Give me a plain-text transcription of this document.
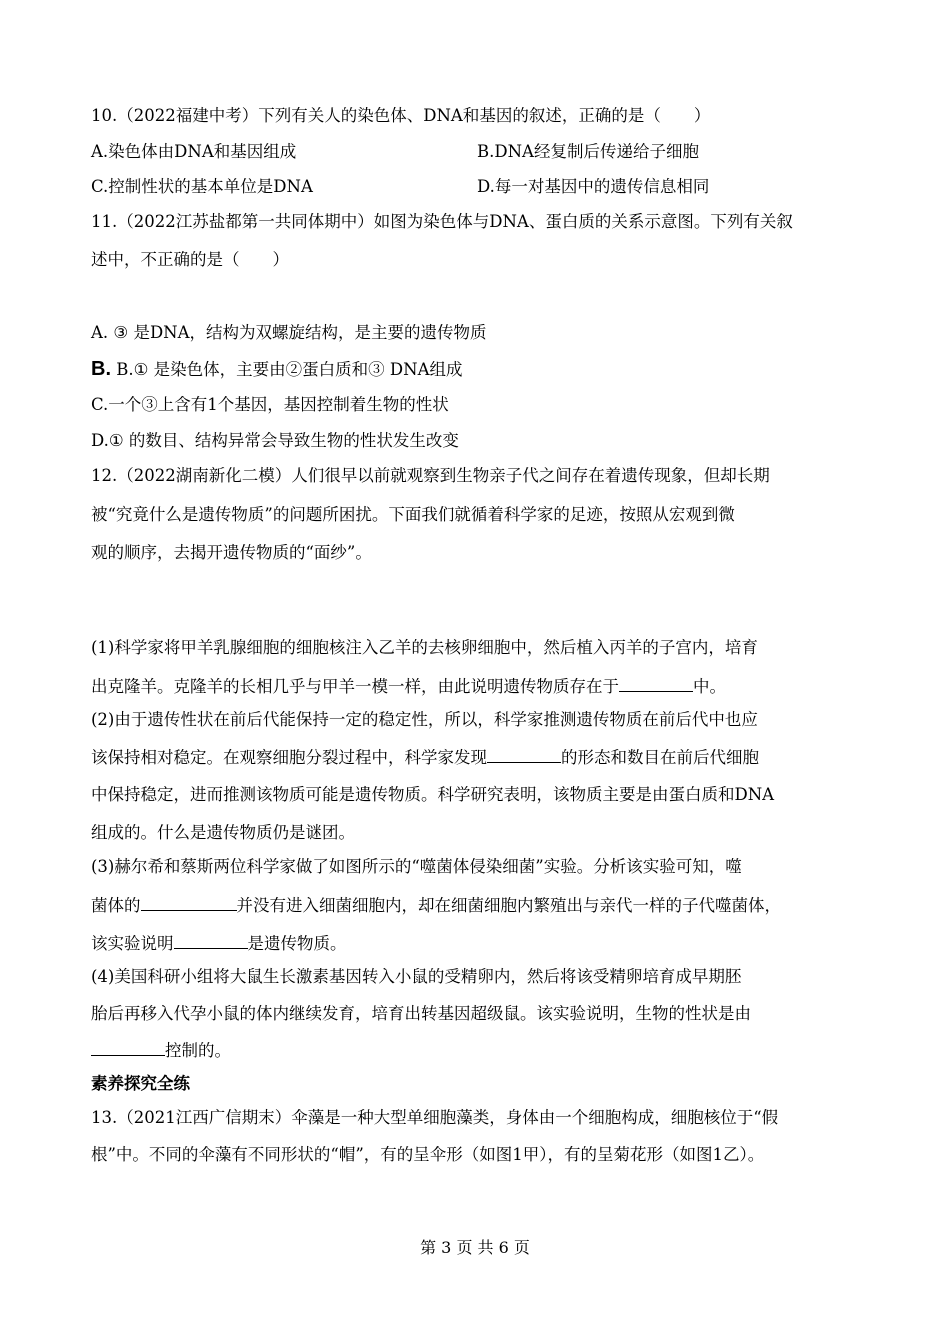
10.（2022福建中考）下列有关人的染色体、DNA和基因的叙述，正确的是（　　）
A.染色体由DNA和基因组成	B.DNA经复制后传递给子细胞
C.控制性状的基本单位是DNA	D.每一对基因中的遗传信息相同
11.（2022江苏盐都第一共同体期中）如图为染色体与DNA、蛋白质的关系示意图。下列有关叙
述中，不正确的是（　　）
A. ③ 是DNA，结构为双螺旋结构，是主要的遗传物质
B. B.① 是染色体，主要由②蛋白质和③ DNA组成
C.一个③上含有1个基因，基因控制着生物的性状
D.① 的数目、结构异常会导致生物的性状发生改变
12.（2022湖南新化二模）人们很早以前就观察到生物亲子代之间存在着遗传现象，但却长期
被“究竟什么是遗传物质”的问题所困扰。下面我们就循着科学家的足迹，按照从宏观到微
观的顺序，去揭开遗传物质的“面纱”。
(1)科学家将甲羊乳腺细胞的细胞核注入乙羊的去核卵细胞中，然后植入丙羊的子宫内，培育
出克隆羊。克隆羊的长相几乎与甲羊一模一样，由此说明遗传物质存在于	中。
(2)由于遗传性状在前后代能保持一定的稳定性，所以，科学家推测遗传物质在前后代中也应
该保持相对稳定。在观察细胞分裂过程中，科学家发现	的形态和数目在前后代细胞
中保持稳定，进而推测该物质可能是遗传物质。科学研究表明，该物质主要是由蛋白质和DNA
组成的。什么是遗传物质仍是谜团。
(3)赫尔希和蔡斯两位科学家做了如图所示的“噬菌体侵染细菌”实验。分析该实验可知，噬
菌体的	并没有进入细菌细胞内，却在细菌细胞内繁殖出与亲代一样的子代噬菌体，
该实验说明	是遗传物质。
(4)美国科研小组将大鼠生长激素基因转入小鼠的受精卵内，然后将该受精卵培育成早期胚
胎后再移入代孕小鼠的体内继续发育，培育出转基因超级鼠。该实验说明，生物的性状是由
控制的。
素养探究全练
13.（2021江西广信期末）伞藻是一种大型单细胞藻类，身体由一个细胞构成，细胞核位于“假
根”中。不同的伞藻有不同形状的“帽”，有的呈伞形（如图1甲），有的呈菊花形（如图1乙）。
第 3 页 共 6 页
